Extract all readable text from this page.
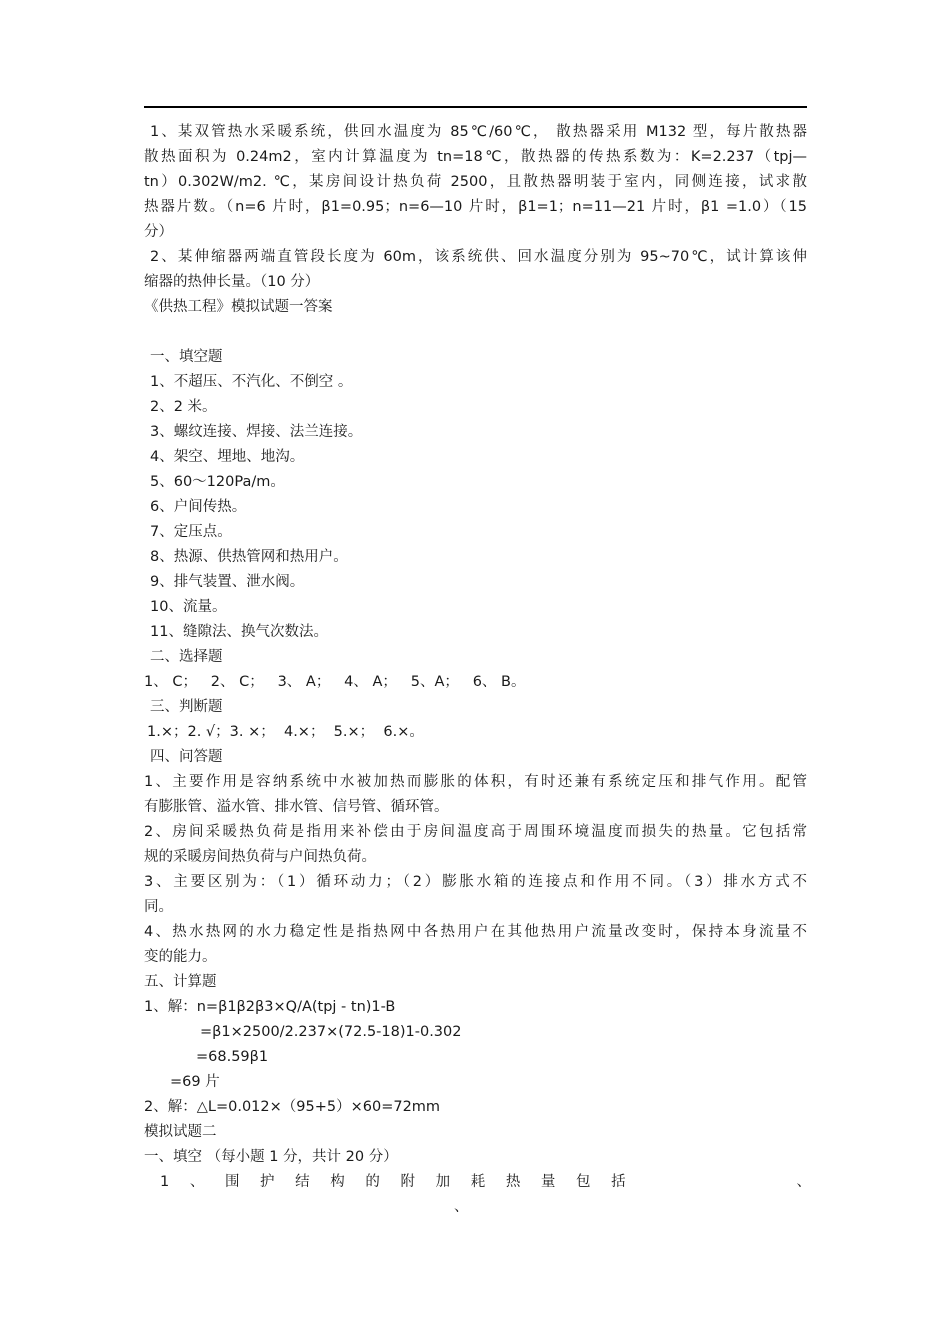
1、某双管热水采暖系统，供回水温度为 85℃/60℃， 散热器采用 M132 型，每片散热器
散热面积为 0.24m2，室内计算温度为 tn=18℃，散热器的传热系数为：K=2.237（tpj—
tn）0.302W/m2. ℃，某房间设计热负荷 2500，且散热器明装于室内，同侧连接，试求散
热器片数。（n=6 片时，β1=0.95；n=6—10 片时，β1=1；n=11—21 片时，β1 =1.0）（15
分）
2、某伸缩器两端直管段长度为 60m，该系统供、回水温度分别为 95~70℃，试计算该伸
缩器的热伸长量。（10 分）
《供热工程》模拟试题一答案
一、填空题
1、不超压、不汽化、不倒空 。
2、2 米。
3、螺纹连接、焊接、法兰连接。
4、架空、埋地、地沟。
5、60～120Pa/m。
6、户间传热。
7、定压点。
8、热源、供热管网和热用户。
9、排气装置、泄水阀。
10、流量。
11、缝隙法、换气次数法。
二、选择题
1、 C；   2、 C；   3、 A；   4、 A；   5、A；   6、 B。
三、判断题
1.×；2. √；3. ×；  4.×；  5.×；  6.×。
四、问答题
1、主要作用是容纳系统中水被加热而膨胀的体积，有时还兼有系统定压和排气作用。配管
有膨胀管、溢水管、排水管、信号管、循环管。
2、房间采暖热负荷是指用来补偿由于房间温度高于周围环境温度而损失的热量。它包括常
规的采暖房间热负荷与户间热负荷。
3、主要区别为：（1）循环动力；（2）膨胀水箱的连接点和作用不同。（3）排水方式不
同。
4、热水热网的水力稳定性是指热网中各热用户在其他热用户流量改变时，保持本身流量不
变的能力。
五、计算题
1、解：n=β1β2β3×Q/A(tpj - tn)1-B
=β1×2500/2.237×(72.5-18)1-0.302
=68.59β1
=69 片
2、解：△L=0.012×（95+5）×60=72mm
模拟试题二
一、填空 （每小题 1 分，共计 20 分）
1 、 围 护 结 构 的 附 加 耗 热 量 包 括	、
、
